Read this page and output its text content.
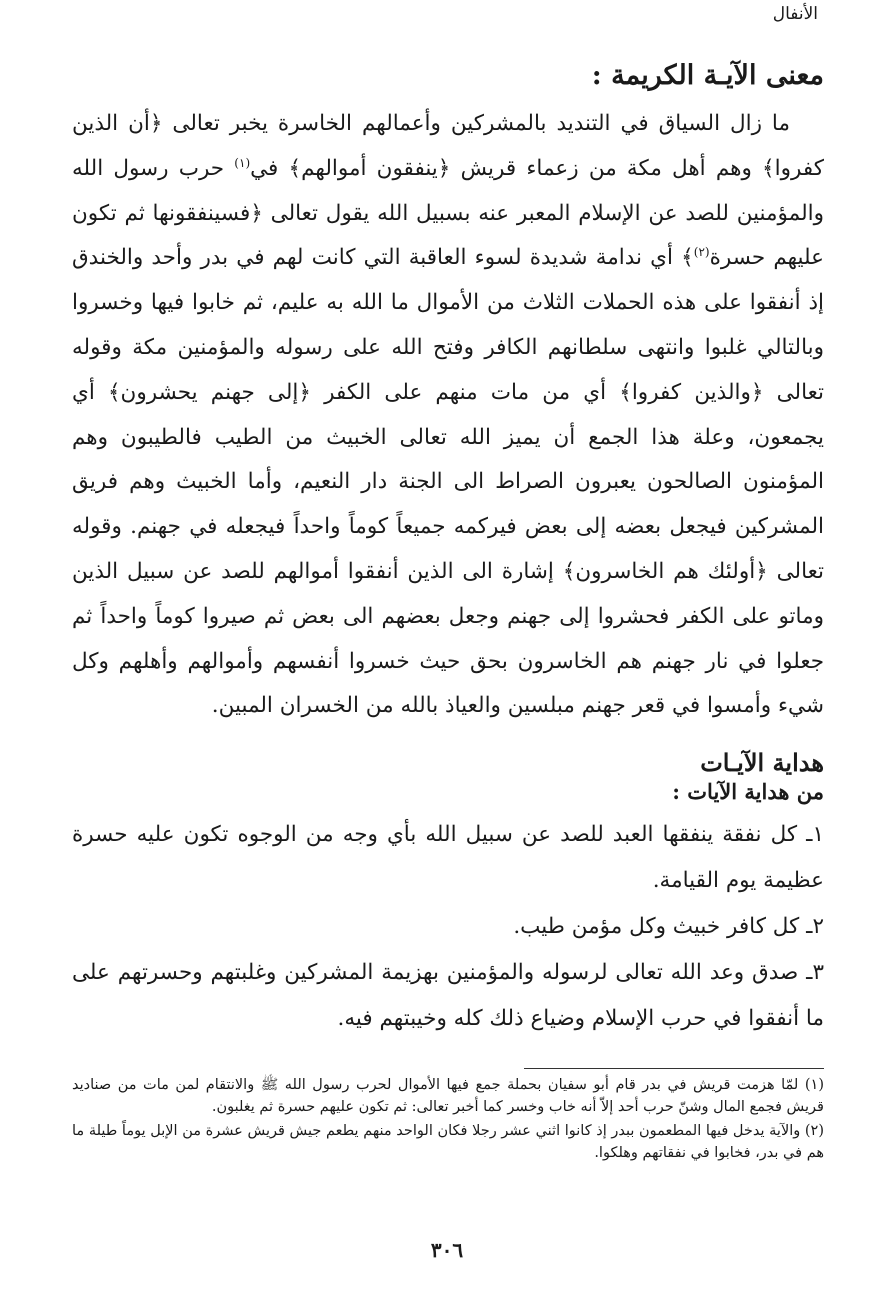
الأنفال

معنى الآيـة الكريمة :

ما زال السياق في التنديد بالمشركين وأعمالهم الخاسرة يخبر تعالى ﴿أن الذين كفروا﴾ وهم أهل مكة من زعماء قريش ﴿ينفقون أموالهم﴾ في$^{(١)}$ حرب رسول الله والمؤمنين للصد عن الإسلام المعبر عنه بسبيل الله يقول تعالى ﴿فسينفقونها ثم تكون عليهم حسرة$^{(٢)}$﴾ أي ندامة شديدة لسوء العاقبة التي كانت لهم في بدر وأحد والخندق إذ أنفقوا على هذه الحملات الثلاث من الأموال ما الله به عليم، ثم خابوا فيها وخسروا وبالتالي غلبوا وانتهى سلطانهم الكافر وفتح الله على رسوله والمؤمنين مكة وقوله تعالى ﴿والذين كفروا﴾ أي من مات منهم على الكفر ﴿إلى جهنم يحشرون﴾ أي يجمعون، وعلة هذا الجمع أن يميز الله تعالى الخبيث من الطيب فالطيبون وهم المؤمنون الصالحون يعبرون الصراط الى الجنة دار النعيم، وأما الخبيث وهم فريق المشركين فيجعل بعضه إلى بعض فيركمه جميعاً كوماً واحداً فيجعله في جهنم. وقوله تعالى ﴿أولئك هم الخاسرون﴾ إشارة الى الذين أنفقوا أموالهم للصد عن سبيل الذين وماتو على الكفر فحشروا إلى جهنم وجعل بعضهم الى بعض ثم صيروا كوماً واحداً ثم جعلوا في نار جهنم هم الخاسرون بحق حيث خسروا أنفسهم وأموالهم وأهلهم وكل شيء وأمسوا في قعر جهنم مبلسين والعياذ بالله من الخسران المبين.

هداية الآيـات

من هداية الآيات :

١ـ كل نفقة ينفقها العبد للصد عن سبيل الله بأي وجه من الوجوه تكون عليه حسرة عظيمة يوم القيامة.

٢ـ كل كافر خبيث وكل مؤمن طيب.

٣ـ صدق وعد الله تعالى لرسوله والمؤمنين بهزيمة المشركين وغلبتهم وحسرتهم على ما أنفقوا في حرب الإسلام وضياع ذلك كله وخيبتهم فيه.

(١) لمّا هزمت قريش في بدر قام أبو سفيان بحملة جمع فيها الأموال لحرب رسول الله ﷺ والانتقام لمن مات من صناديد قريش فجمع المال وشنّ حرب أحد إلاّ أنه خاب وخسر كما أخبر تعالى: ثم تكون عليهم حسرة ثم يغلبون.

(٢) والآية يدخل فيها المطعمون ببدر إذ كانوا اثني عشر رجلا فكان الواحد منهم يطعم جيش قريش عشرة من الإبل يوماً طيلة ما هم في بدر، فخابوا في نفقاتهم وهلكوا.

٣٠٦
